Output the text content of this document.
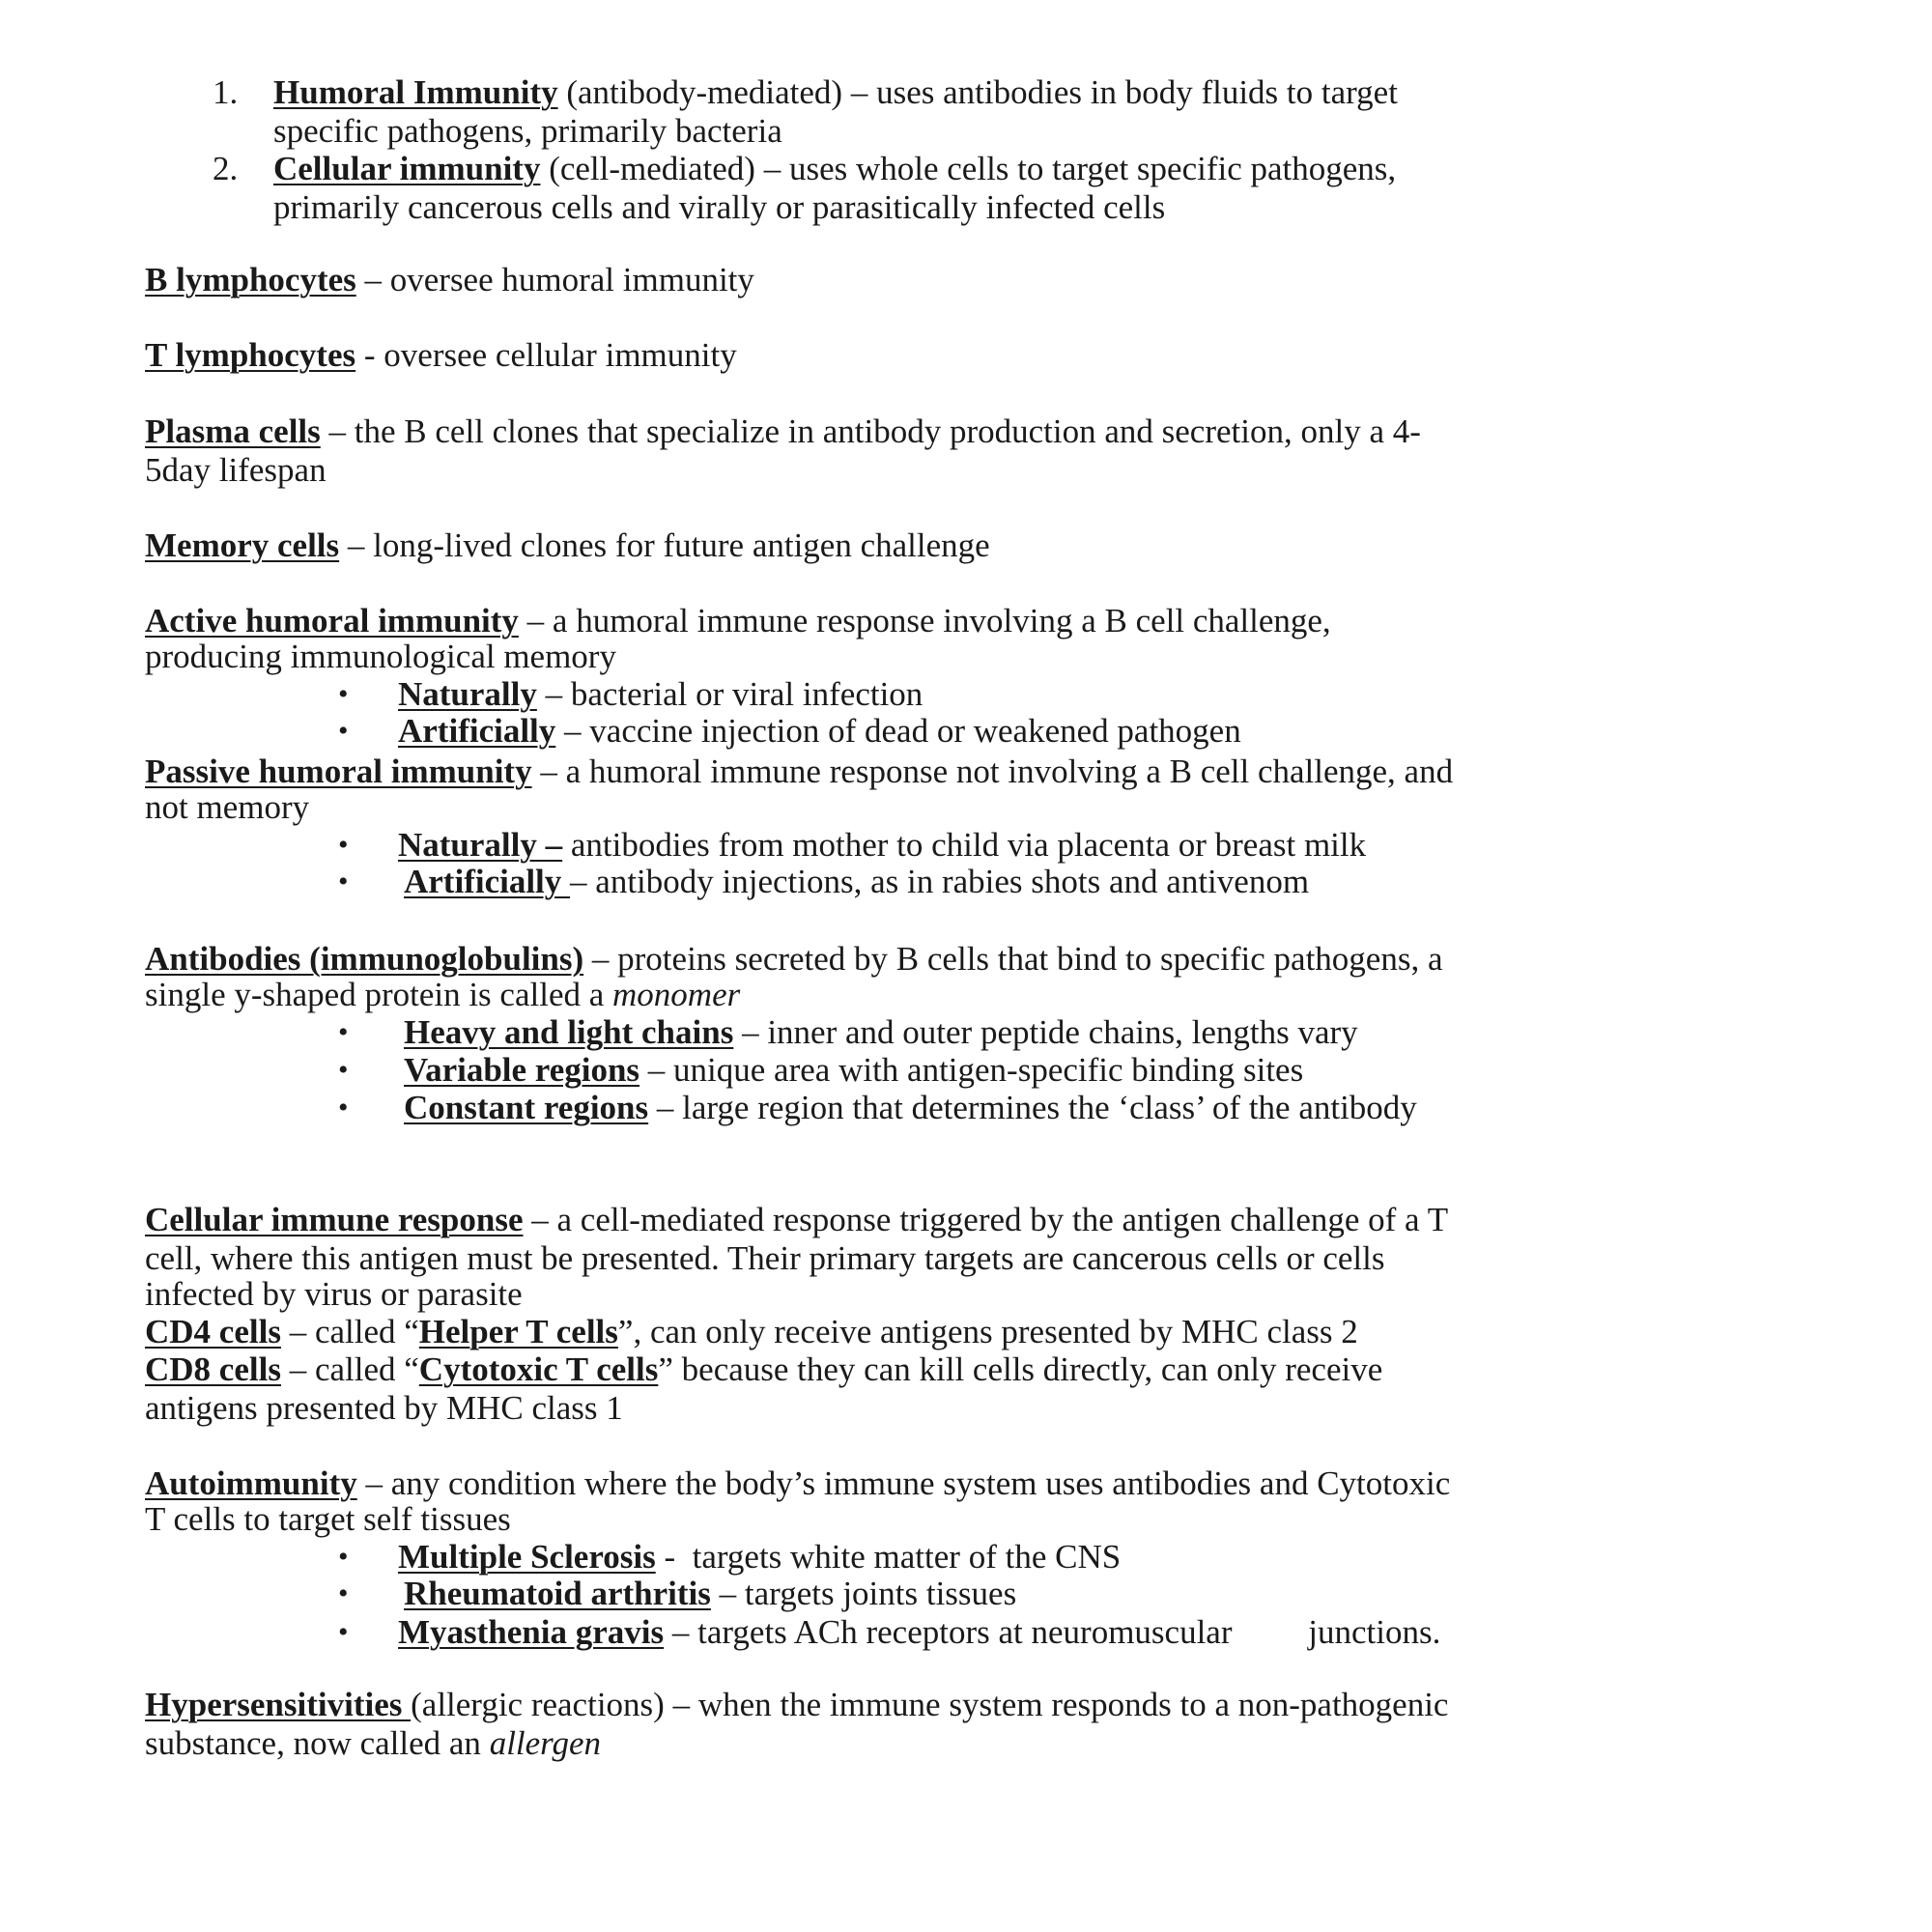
1. Humoral Immunity (antibody-mediated) – uses antibodies in body fluids to target
specific pathogens, primarily bacteria
2. Cellular immunity (cell-mediated) – uses whole cells to target specific pathogens,
primarily cancerous cells and virally or parasitically infected cells
B lymphocytes – oversee humoral immunity
T lymphocytes - oversee cellular immunity
Plasma cells – the B cell clones that specialize in antibody production and secretion, only a 4-
5day lifespan
Memory cells – long-lived clones for future antigen challenge
Active humoral immunity – a humoral immune response involving a B cell challenge,
producing immunological memory
• Naturally – bacterial or viral infection
• Artificially – vaccine injection of dead or weakened pathogen
Passive humoral immunity – a humoral immune response not involving a B cell challenge, and
not memory
• Naturally – antibodies from mother to child via placenta or breast milk
• Artificially – antibody injections, as in rabies shots and antivenom
Antibodies (immunoglobulins) – proteins secreted by B cells that bind to specific pathogens, a
single y-shaped protein is called a monomer
• Heavy and light chains – inner and outer peptide chains, lengths vary
• Variable regions – unique area with antigen-specific binding sites
• Constant regions – large region that determines the ‘class’ of the antibody
Cellular immune response – a cell-mediated response triggered by the antigen challenge of a T
cell, where this antigen must be presented. Their primary targets are cancerous cells or cells
infected by virus or parasite
CD4 cells – called “Helper T cells”, can only receive antigens presented by MHC class 2
CD8 cells – called “Cytotoxic T cells” because they can kill cells directly, can only receive
antigens presented by MHC class 1
Autoimmunity – any condition where the body’s immune system uses antibodies and Cytotoxic
T cells to target self tissues
• Multiple Sclerosis -  targets white matter of the CNS
• Rheumatoid arthritis – targets joints tissues
• Myasthenia gravis – targets ACh receptors at neuromuscular         junctions.
Hypersensitivities (allergic reactions) – when the immune system responds to a non-pathogenic
substance, now called an allergen
